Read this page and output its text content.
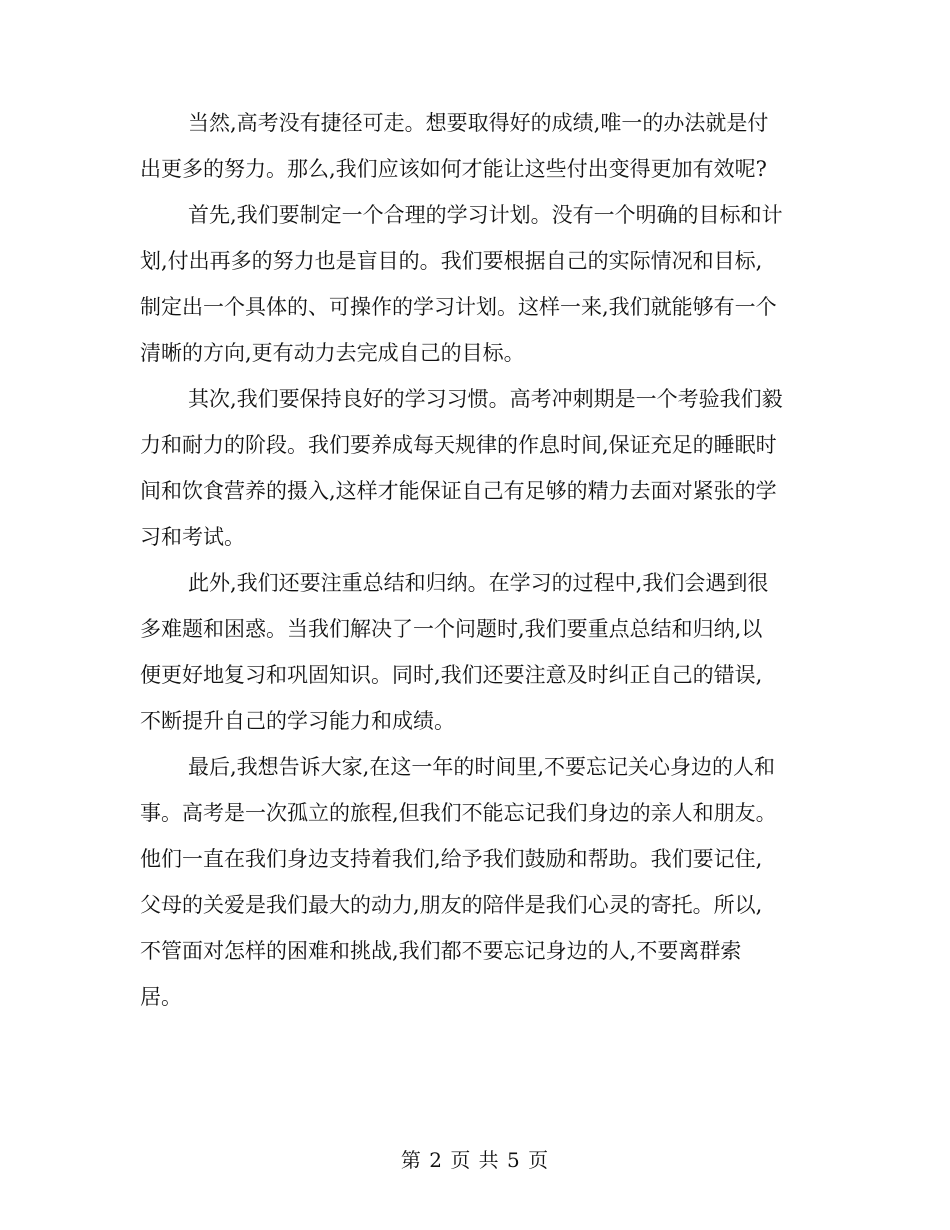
当然,高考没有捷径可走。想要取得好的成绩,唯一的办法就是付
出更多的努力。那么,我们应该如何才能让这些付出变得更加有效呢?

首先,我们要制定一个合理的学习计划。没有一个明确的目标和计
划,付出再多的努力也是盲目的。我们要根据自己的实际情况和目标,
制定出一个具体的、可操作的学习计划。这样一来,我们就能够有一个
清晰的方向,更有动力去完成自己的目标。

其次,我们要保持良好的学习习惯。高考冲刺期是一个考验我们毅
力和耐力的阶段。我们要养成每天规律的作息时间,保证充足的睡眠时
间和饮食营养的摄入,这样才能保证自己有足够的精力去面对紧张的学
习和考试。

此外,我们还要注重总结和归纳。在学习的过程中,我们会遇到很
多难题和困惑。当我们解决了一个问题时,我们要重点总结和归纳,以
便更好地复习和巩固知识。同时,我们还要注意及时纠正自己的错误,
不断提升自己的学习能力和成绩。

最后,我想告诉大家,在这一年的时间里,不要忘记关心身边的人和
事。高考是一次孤立的旅程,但我们不能忘记我们身边的亲人和朋友。
他们一直在我们身边支持着我们,给予我们鼓励和帮助。我们要记住,
父母的关爱是我们最大的动力,朋友的陪伴是我们心灵的寄托。所以,
不管面对怎样的困难和挑战,我们都不要忘记身边的人,不要离群索
居。

第 2 页 共 5 页
